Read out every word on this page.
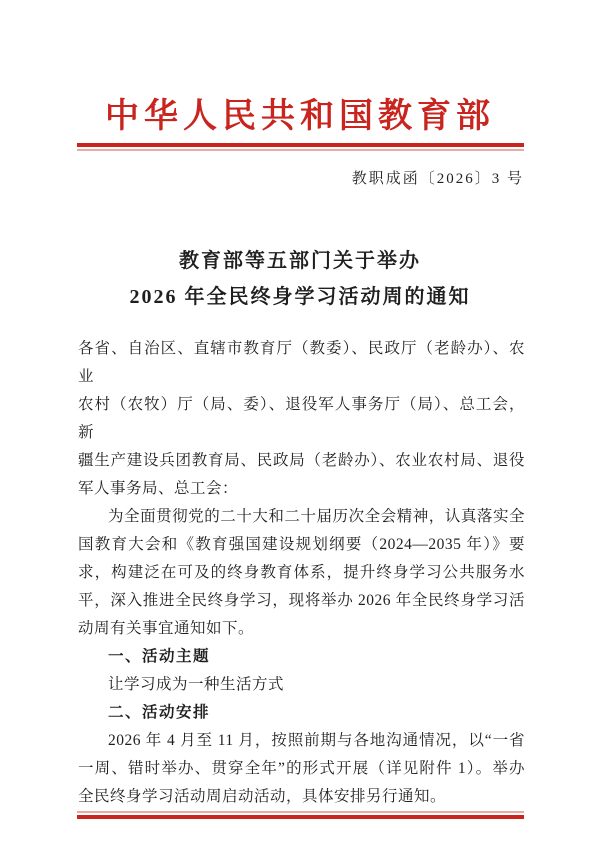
中华人民共和国教育部
教职成函〔2026〕3 号
教育部等五部门关于举办
2026 年全民终身学习活动周的通知
各省、自治区、直辖市教育厅（教委）、民政厅（老龄办）、农业
农村（农牧）厅（局、委）、退役军人事务厅（局）、总工会，新
疆生产建设兵团教育局、民政局（老龄办）、农业农村局、退役
军人事务局、总工会：
为全面贯彻党的二十大和二十届历次全会精神，认真落实全
国教育大会和《教育强国建设规划纲要（2024—2035 年）》要
求，构建泛在可及的终身教育体系，提升终身学习公共服务水
平，深入推进全民终身学习，现将举办 2026 年全民终身学习活
动周有关事宜通知如下。
一、活动主题
让学习成为一种生活方式
二、活动安排
2026 年 4 月至 11 月，按照前期与各地沟通情况，以“一省
一周、错时举办、贯穿全年”的形式开展（详见附件 1）。举办
全民终身学习活动周启动活动，具体安排另行通知。
